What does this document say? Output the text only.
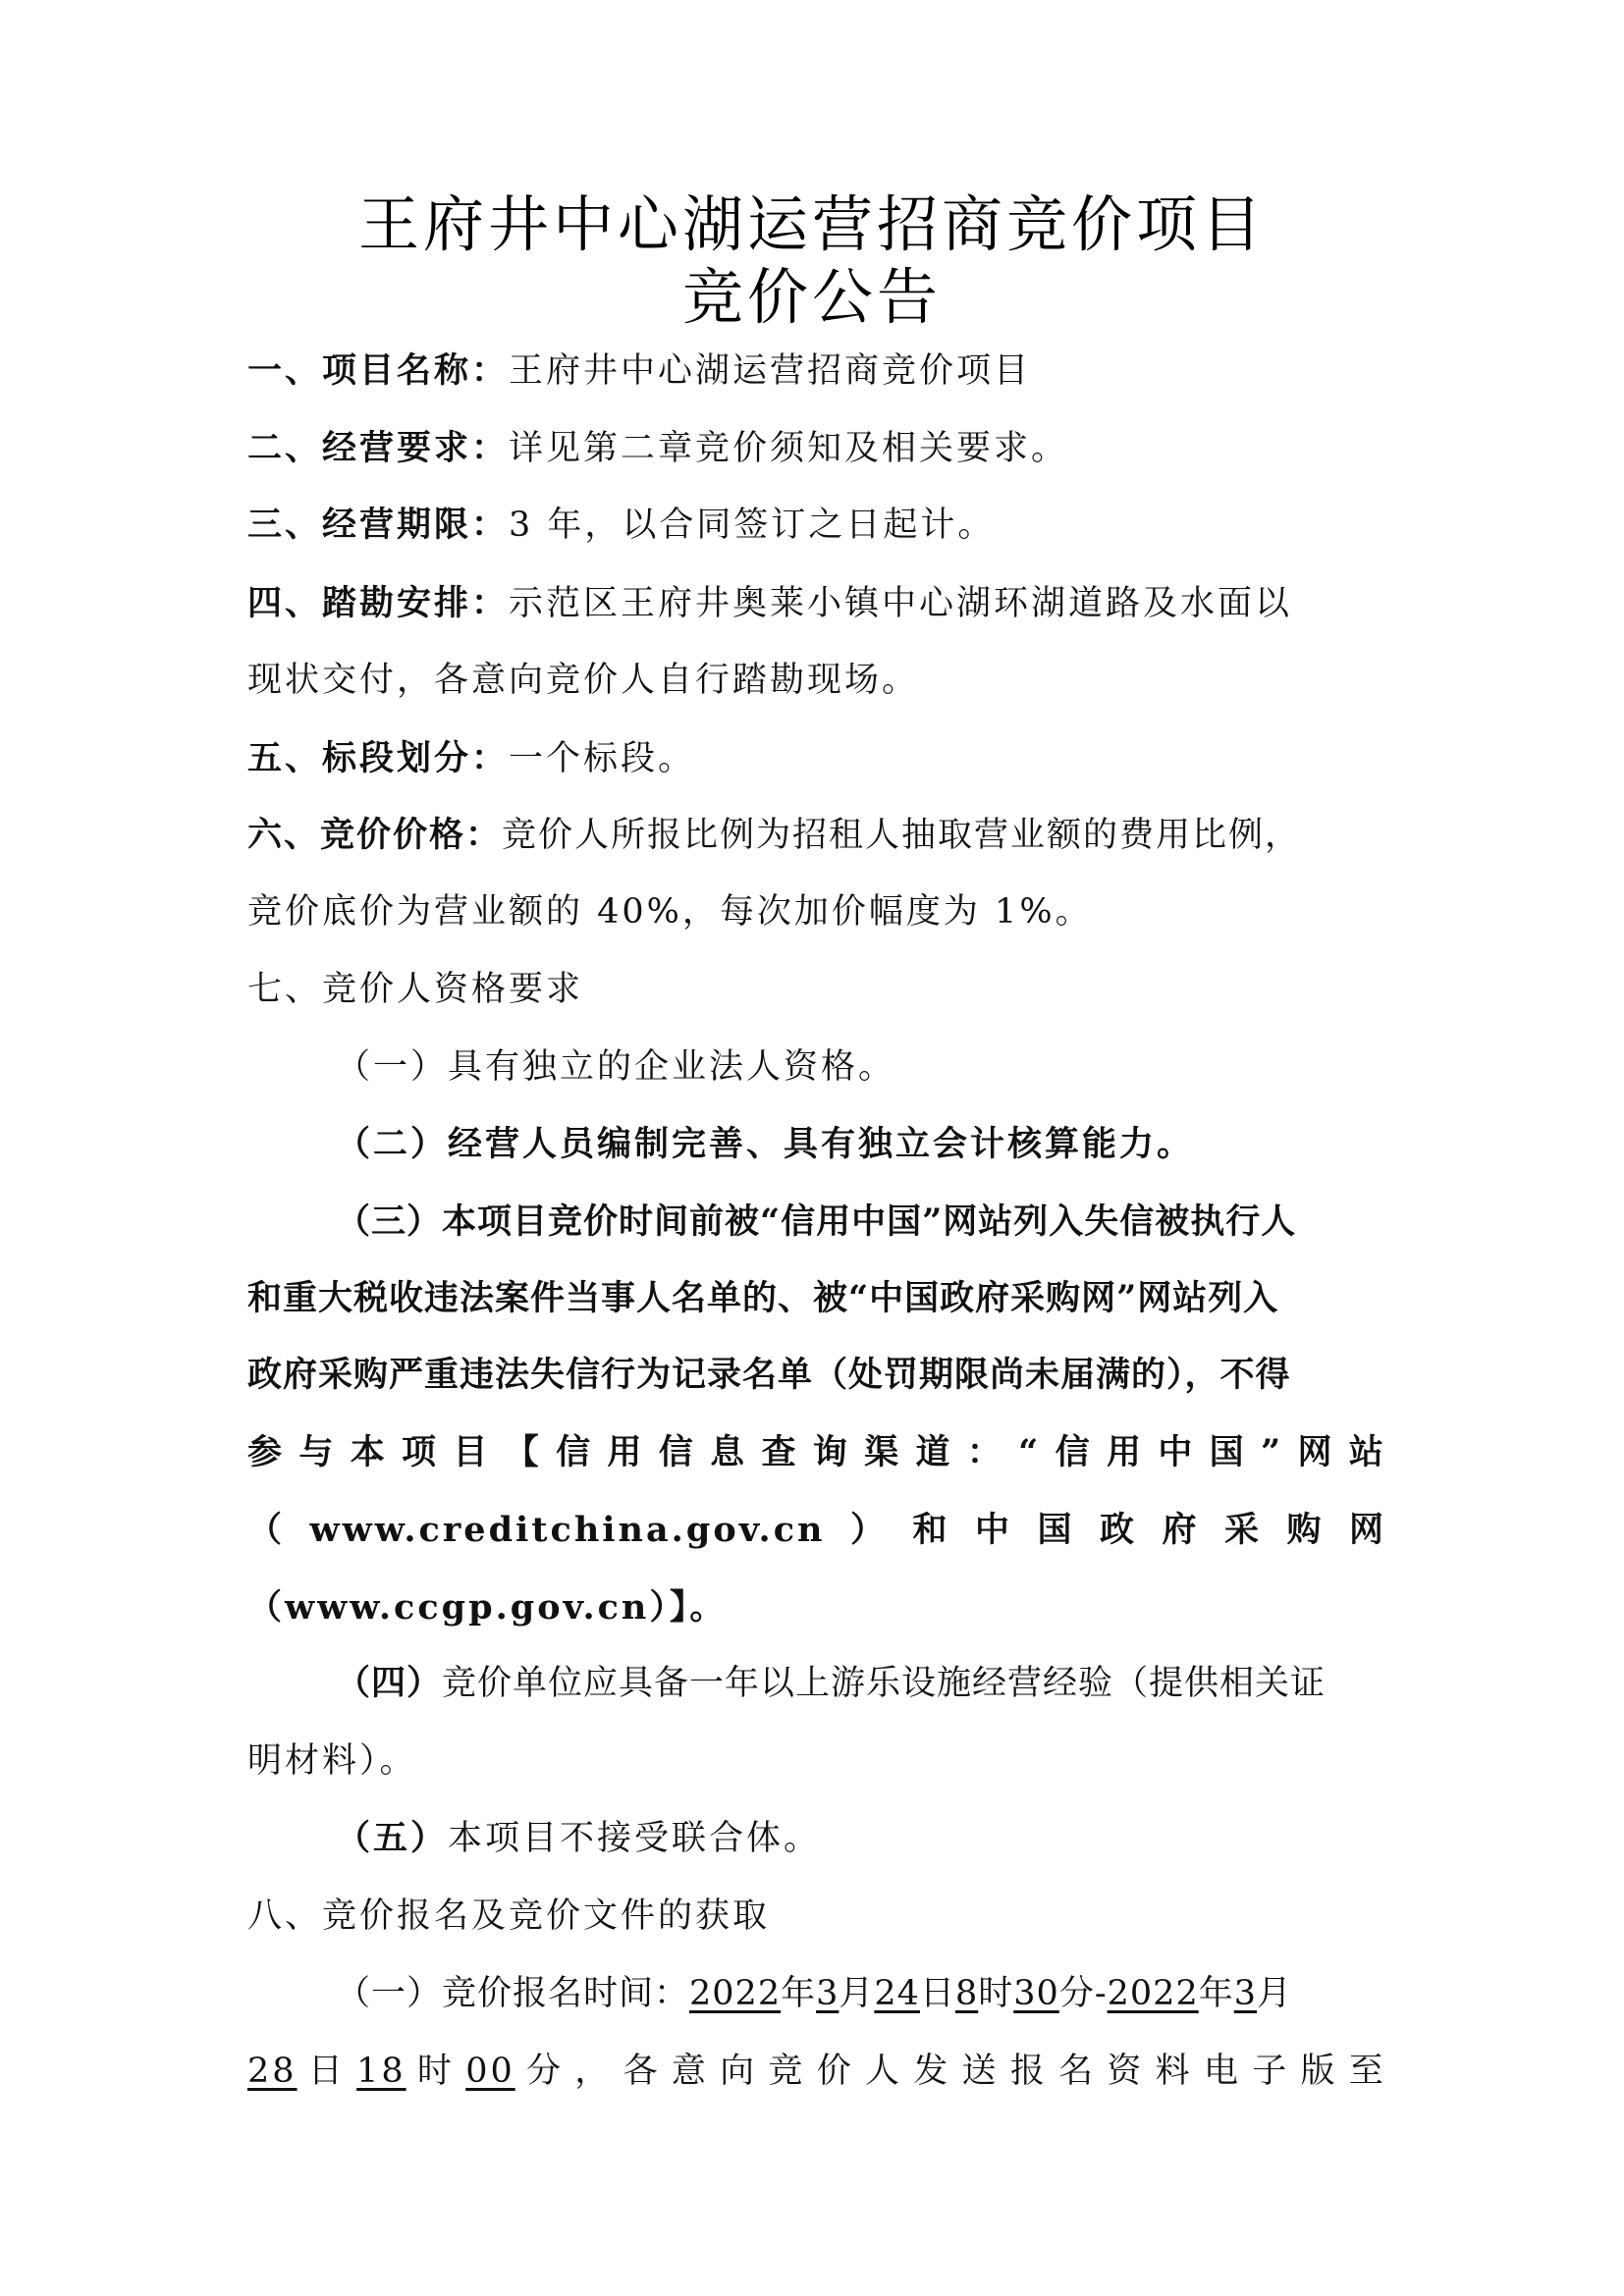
王府井中心湖运营招商竞价项目
竞价公告
一、项目名称：王府井中心湖运营招商竞价项目
二、经营要求：详见第二章竞价须知及相关要求。
三、经营期限：3 年，以合同签订之日起计。
四、踏勘安排：示范区王府井奥莱小镇中心湖环湖道路及水面以
现状交付，各意向竞价人自行踏勘现场。
五、标段划分：一个标段。
六、竞价价格：竞价人所报比例为招租人抽取营业额的费用比例，
竞价底价为营业额的 40%，每次加价幅度为 1%。
七、竞价人资格要求
（一）具有独立的企业法人资格。
（二）经营人员编制完善、具有独立会计核算能力。
（三）本项目竞价时间前被“信用中国”网站列入失信被执行人
和重大税收违法案件当事人名单的、被“中国政府采购网”网站列入
政府采购严重违法失信行为记录名单（处罚期限尚未届满的），不得
参 与 本 项 目 【 信 用 信 息 查 询 渠 道 ： “ 信 用 中 国 ” 网 站
（ www.creditchina.gov.cn ） 和 中 国 政 府 采 购 网
（www.ccgp.gov.cn）】。
（四）竞价单位应具备一年以上游乐设施经营经验（提供相关证
明材料）。
（五）本项目不接受联合体。
八、竞价报名及竞价文件的获取
（一）竞价报名时间：2022年3月24日8时30分-2022年3月
28 日 18 时 00 分 ， 各 意 向 竞 价 人 发 送 报 名 资 料 电 子 版 至
